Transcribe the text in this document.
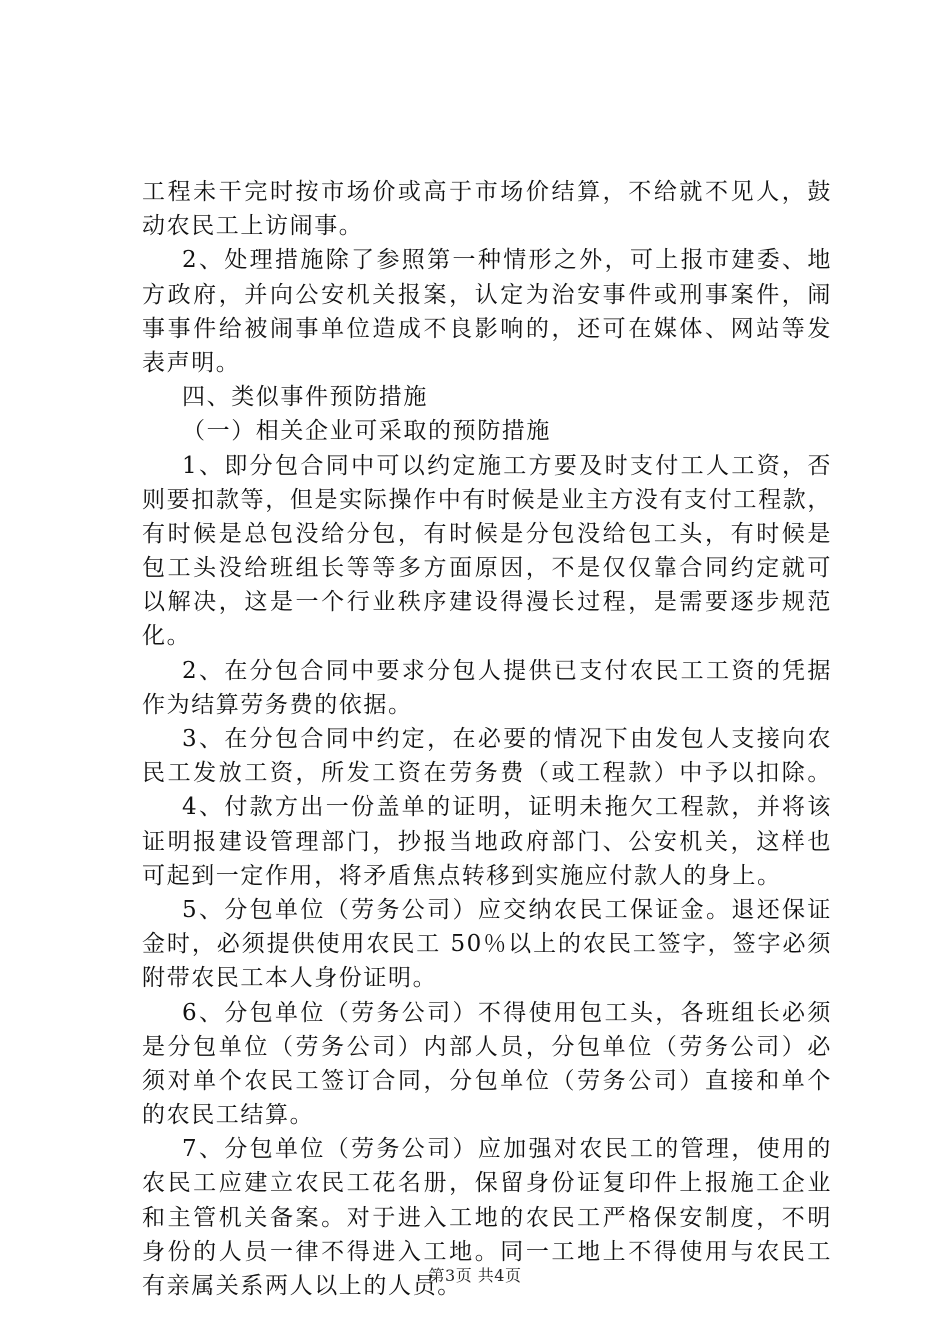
工程未干完时按市场价或高于市场价结算，不给就不见人，鼓
动农民工上访闹事。
2、处理措施除了参照第一种情形之外，可上报市建委、地
方政府，并向公安机关报案，认定为治安事件或刑事案件，闹
事事件给被闹事单位造成不良影响的，还可在媒体、网站等发
表声明。
四、类似事件预防措施
（一）相关企业可采取的预防措施
1、即分包合同中可以约定施工方要及时支付工人工资，否
则要扣款等，但是实际操作中有时候是业主方没有支付工程款，
有时候是总包没给分包，有时候是分包没给包工头，有时候是
包工头没给班组长等等多方面原因，不是仅仅靠合同约定就可
以解决，这是一个行业秩序建设得漫长过程，是需要逐步规范
化。
2、在分包合同中要求分包人提供已支付农民工工资的凭据
作为结算劳务费的依据。
3、在分包合同中约定，在必要的情况下由发包人支接向农
民工发放工资，所发工资在劳务费（或工程款）中予以扣除。
4、付款方出一份盖单的证明，证明未拖欠工程款，并将该
证明报建设管理部门，抄报当地政府部门、公安机关，这样也
可起到一定作用，将矛盾焦点转移到实施应付款人的身上。
5、分包单位（劳务公司）应交纳农民工保证金。退还保证
金时，必须提供使用农民工 50％以上的农民工签字，签字必须
附带农民工本人身份证明。
6、分包单位（劳务公司）不得使用包工头，各班组长必须
是分包单位（劳务公司）内部人员，分包单位（劳务公司）必
须对单个农民工签订合同，分包单位（劳务公司）直接和单个
的农民工结算。
7、分包单位（劳务公司）应加强对农民工的管理，使用的
农民工应建立农民工花名册，保留身份证复印件上报施工企业
和主管机关备案。对于进入工地的农民工严格保安制度，不明
身份的人员一律不得进入工地。同一工地上不得使用与农民工
有亲属关系两人以上的人员。
第3页 共4页
